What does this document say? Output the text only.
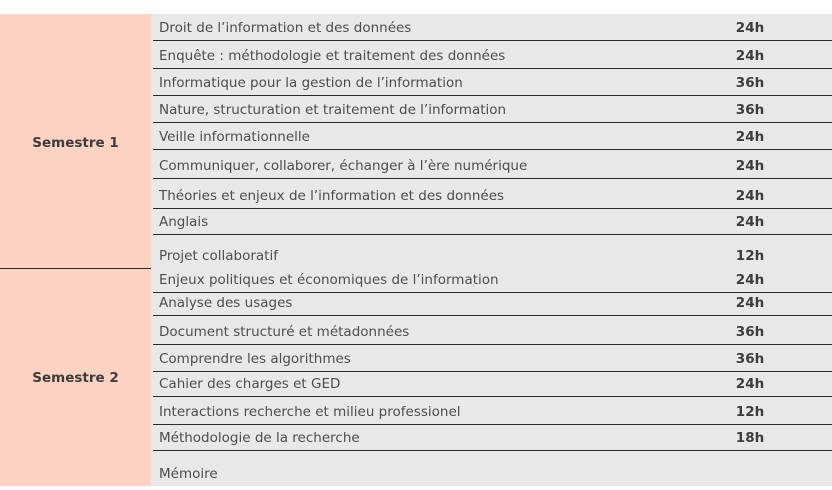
Semestre 1
Droit de l’information et des données	24h
Enquête : méthodologie et traitement des données	24h
Informatique pour la gestion de l’information	36h
Nature, structuration et traitement de l’information	36h
Veille informationnelle	24h
Communiquer, collaborer, échanger à l’ère numérique	24h
Théories et enjeux de l’information et des données	24h
Anglais	24h
Projet collaboratif	12h
Semestre 2
Enjeux politiques et économiques de l’information	24h
Analyse des usages	24h
Document structuré et métadonnées	36h
Comprendre les algorithmes	36h
Cahier des charges et GED	24h
Interactions recherche et milieu professionel	12h
Méthodologie de la recherche	18h
Mémoire
